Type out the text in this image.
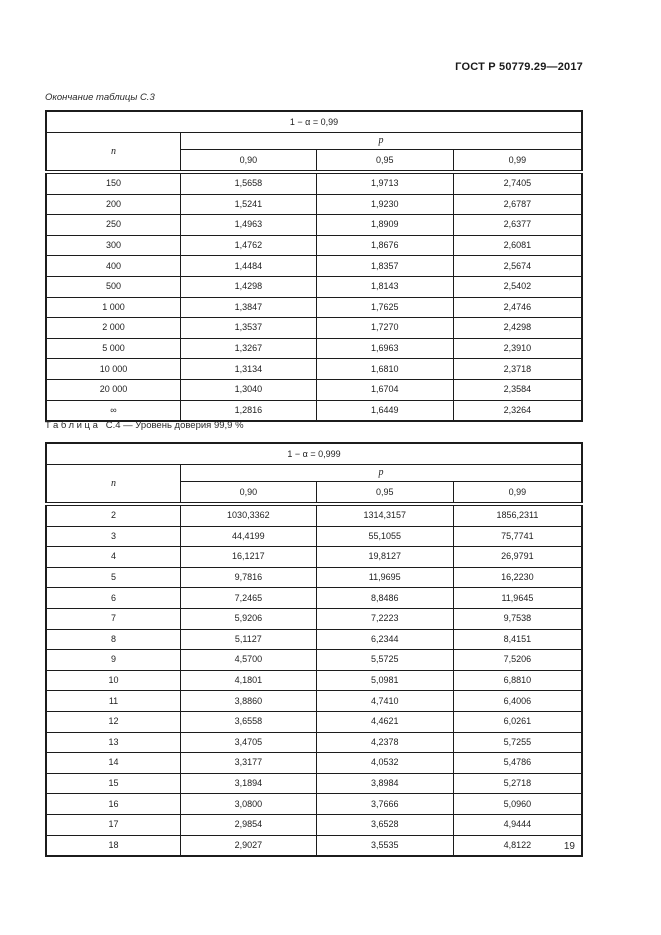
ГОСТ Р 50779.29—2017
Окончание таблицы С.3
1 − α = 0,99			
n	p		
	0,90	0,95	0,99
150	1,5658	1,9713	2,7405
200	1,5241	1,9230	2,6787
250	1,4963	1,8909	2,6377
300	1,4762	1,8676	2,6081
400	1,4484	1,8357	2,5674
500	1,4298	1,8143	2,5402
1 000	1,3847	1,7625	2,4746
2 000	1,3537	1,7270	2,4298
5 000	1,3267	1,6963	2,3910
10 000	1,3134	1,6810	2,3718
20 000	1,3040	1,6704	2,3584
∞	1,2816	1,6449	2,3264
Таблица С.4 — Уровень доверия 99,9 %
1 − α = 0,999			
n	p		
	0,90	0,95	0,99
2	1030,3362	1314,3157	1856,2311
3	44,4199	55,1055	75,7741
4	16,1217	19,8127	26,9791
5	9,7816	11,9695	16,2230
6	7,2465	8,8486	11,9645
7	5,9206	7,2223	9,7538
8	5,1127	6,2344	8,4151
9	4,5700	5,5725	7,5206
10	4,1801	5,0981	6,8810
11	3,8860	4,7410	6,4006
12	3,6558	4,4621	6,0261
13	3,4705	4,2378	5,7255
14	3,3177	4,0532	5,4786
15	3,1894	3,8984	5,2718
16	3,0800	3,7666	5,0960
17	2,9854	3,6528	4,9444
18	2,9027	3,5535	4,8122	19
